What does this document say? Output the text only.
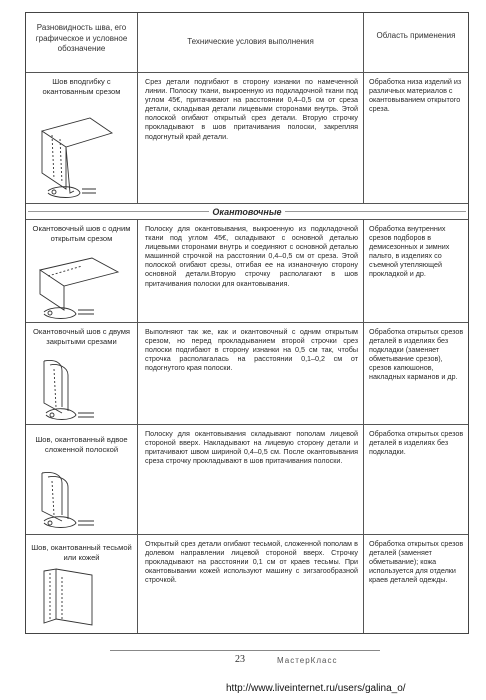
Разновидность шва, его графическое и условное обозначение
Технические условия выполнения
Область применения
Шов вподгибку с окантованным срезом
Срез детали подгибают в сторону изнанки по намеченной линии. Полоску ткани, выкроенную из подкладочной ткани под углом 45€, притачивают на расстоянии 0,4–0,5 см от среза детали, складывая детали лицевыми сторонами внутрь. Этой полоской огибают открытый срез детали. Вторую строчку прокладывают в шов притачивания полоски, закрепляя подогнутый край детали.
Обработка низа изделий из различных материалов с окантовыванием открытого среза.
Окантовочные
Окантовочный шов с одним открытым срезом
Полоску для окантовывания, выкроенную из подкладочной ткани под углом 45€, складывают с основной деталью лицевыми сторонами внутрь и соединяют с основной деталью машинной строчкой на расстоянии 0,4–0,5 см от среза. Этой полоской огибают срезы, отгибая ее на изнаночную сторону основной детали.Вторую строчку располагают в шов притачивания полоски для окантовывания.
Обработка внутренних срезов подборов в демисезонных и зимних пальто, в изделиях со съемной утепляющей прокладкой и др.
Окантовочный шов с двумя закрытыми срезами
Выполняют так же, как и окантовочный с одним открытым срезом, но перед прокладыванием второй строчки срез полоски подгибают в сторону изнанки на 0,5 см так, чтобы строчка располагалась на расстоянии 0,1–0,2 см от подогнутого края полоски.
Обработка открытых срезов деталей в изделиях без подкладки (заменяет обметывание срезов), срезов капюшонов, накладных карманов и др.
Шов, окантованный вдвое сложенной полоской
Полоску для окантовывания складывают пополам лицевой стороной вверх. Накладывают на лицевую сторону детали и притачивают швом шириной 0,4–0,5 см. После окантовывания среза строчку прокладывают в шов притачивания полоски.
Обработка открытых срезов деталей в изделиях без подкладки.
Шов, окантованный тесьмой или кожей
Открытый срез детали огибают тесьмой, сложенной пополам в долевом направлении лицевой стороной вверх. Строчку прокладывают на расстоянии 0,1 см от краев тесьмы. При окантовывании кожей используют машину с зигзагообразной строчкой.
Обработка открытых срезов деталей (заменяет обметывание); кожа используется для отделки краев деталей одежды.
23	МастерКласс
http://www.liveinternet.ru/users/galina_o/
